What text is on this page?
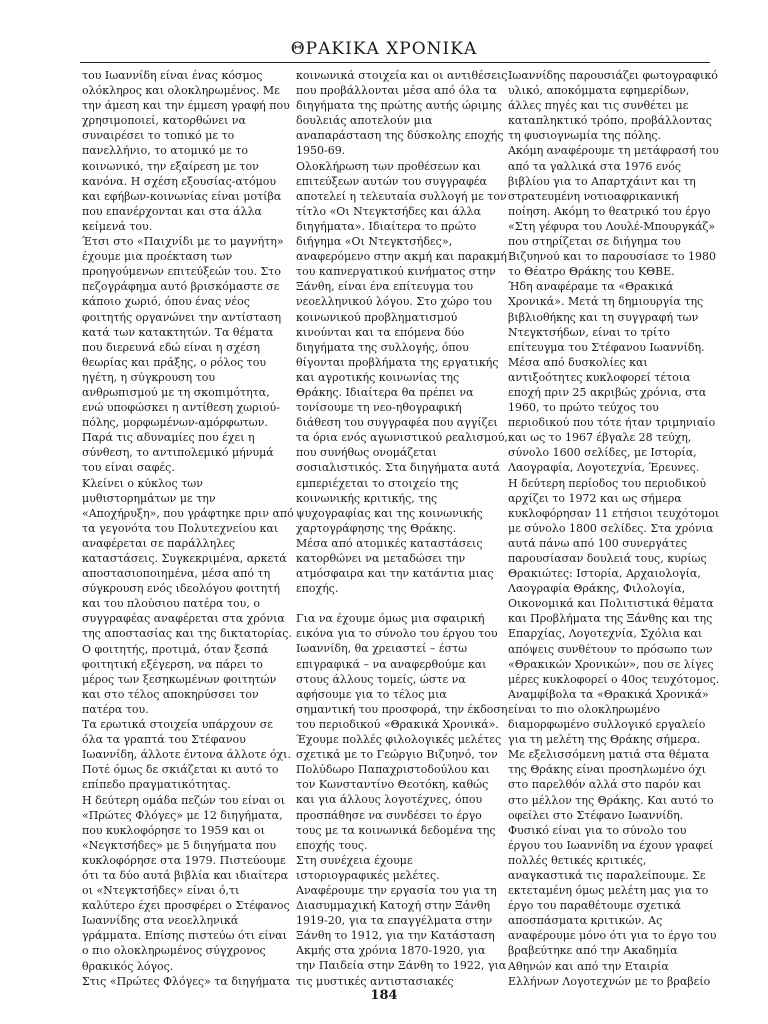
ΘΡΑΚΙΚΑ ΧΡΟΝΙΚΑ

του Ιωαννίδη είναι ένας κόσμος ολόκληρος και ολοκληρωμένος. Με την άμεση και την έμμεση γραφή που χρησιμοποιεί, κατορθώνει να συναιρέσει το τοπικό με το πανελλήνιο, το ατομικό με το κοινωνικό, την εξαίρεση με τον κανόνα. Η σχέση εξουσίας-ατόμου και εφήβων-κοινωνίας είναι μοτίβα που επανέρχονται και στα άλλα κείμενά του.

Έτσι στο «Παιχνίδι με το μαγνήτη» έχουμε μια προέκταση των προηγούμενων επιτεύξεών του. Στο πεζογράφημα αυτό βρισκόμαστε σε κάποιο χωριό, όπου ένας νέος φοιτητής οργανώνει την αντίσταση κατά των κατακτητών. Τα θέματα που διερευνά εδώ είναι η σχέση θεωρίας και πράξης, ο ρόλος του ηγέτη, η σύγκρουση του ανθρωπισμού με τη σκοπιμότητα, ενώ υποφώσκει η αντίθεση χωριού-πόλης, μορφωμένων-αμόρφωτων. Παρά τις αδυναμίες που έχει η σύνθεση, το αντιπολεμικό μήνυμά του είναι σαφές.

Κλείνει ο κύκλος των μυθιστορημάτων με την «Αποχήρυξη», που γράφτηκε πριν από τα γεγονότα του Πολυτεχνείου και αναφέρεται σε παράλληλες καταστάσεις. Συγκεκριμένα, αρκετά αποστασιοποιημένα, μέσα από τη σύγκρουση ενός ιδεολόγου φοιτητή και του πλούσιου πατέρα του, ο συγγραφέας αναφέρεται στα χρόνια της αποστασίας και της δικτατορίας. Ο φοιτητής, προτιμά, όταν ξεσπά φοιτητική εξέγερση, να πάρει το μέρος των ξεσηκωμένων φοιτητών και στο τέλος αποκηρύσσει τον πατέρα του.

Τα ερωτικά στοιχεία υπάρχουν σε όλα τα γραπτά του Στέφανου Ιωαννίδη, άλλοτε έντονα άλλοτε όχι. Ποτέ όμως δε σκιάζεται κι αυτό το επίπεδο πραγματικότητας.

Η δεύτερη ομάδα πεζών του είναι οι «Πρώτες Φλόγες» με 12 διηγήματα, που κυκλοφόρησε το 1959 και οι «Νεγκτσήδες» με 5 διηγήματα που κυκλοφόρησε στα 1979. Πιστεύουμε ότι τα δύο αυτά βιβλία και ιδιαίτερα οι «Ντεγκτσήδες» είναι ό,τι καλύτερο έχει προσφέρει ο Στέφανος Ιωαννίδης στα νεοελληνικά γράμματα. Επίσης πιστεύω ότι είναι ο πιο ολοκληρωμένος σύγχρονος θρακικός λόγος.

Στις «Πρώτες Φλόγες» τα διηγήματα

κοινωνικά στοιχεία και οι αντιθέσεις που προβάλλονται μέσα από όλα τα διηγήματα της πρώτης αυτής ώριμης δουλειάς αποτελούν μια αναπαράσταση της δύσκολης εποχής 1950-69.

Ολοκλήρωση των προθέσεων και επιτεύξεων αυτών του συγγραφέα αποτελεί η τελευταία συλλογή με τον τίτλο «Οι Ντεγκτσήδες και άλλα διηγήματα». Ιδιαίτερα το πρώτο διήγημα «Οι Ντεγκτσήδες», αναφερόμενο στην ακμή και παρακμή του καπνεργατικού κινήματος στην Ξάνθη, είναι ένα επίτευγμα του νεοελληνικού λόγου. Στο χώρο του κοινωνικού προβληματισμού κινούνται και τα επόμενα δύο διηγήματα της συλλογής, όπου θίγονται προβλήματα της εργατικής και αγροτικής κοινωνίας της Θράκης. Ιδιαίτερα θα πρέπει να τονίσουμε τη νεο-ηθογραφική διάθεση του συγγραφέα που αγγίζει τα όρια ενός αγωνιστικού ρεαλισμού, που συνήθως ονομάζεται σοσιαλιστικός. Στα διηγήματα αυτά εμπεριέχεται το στοιχείο της κοινωνικής κριτικής, της ψυχογραφίας και της κοινωνικής χαρτογράφησης της Θράκης.

Μέσα από ατομικές καταστάσεις κατορθώνει να μεταδώσει την ατμόσφαιρα και την κατάντια μιας εποχής.

Για να έχουμε όμως μια σφαιρική εικόνα για το σύνολο του έργου του Ιωαννίδη, θα χρειαστεί – έστω επιγραφικά – να αναφερθούμε και στους άλλους τομείς, ώστε να αφήσουμε για το τέλος μια σημαντική του προσφορά, την έκδοση του περιοδικού «Θρακικά Χρονικά».

Έχουμε πολλές φιλολογικές μελέτες σχετικά με το Γεώργιο Βιζυηνό, τον Πολύδωρο Παπαχριστοδούλου και τον Κωνσταντίνο Θεοτόκη, καθώς και για άλλους λογοτέχνες, όπου προσπάθησε να συνδέσει το έργο τους με τα κοινωνικά δεδομένα της εποχής τους.

Στη συνέχεια έχουμε ιστοριογραφικές μελέτες. Αναφέρουμε την εργασία του για τη Διασυμμαχική Κατοχή στην Ξάνθη 1919-20, για τα επαγγέλματα στην Ξάνθη το 1912, για την Κατάσταση Ακμής στα χρόνια 1870-1920, για την Παιδεία στην Ξάνθη το 1922, για τις μυστικές αντιστασιακές

Ιωαννίδης παρουσιάζει φωτογραφικό υλικό, αποκόμματα εφημερίδων, άλλες πηγές και τις συνθέτει με καταπληκτικό τρόπο, προβάλλοντας τη φυσιογνωμία της πόλης.

Ακόμη αναφέρουμε τη μετάφρασή του από τα γαλλικά στα 1976 ενός βιβλίου για το Απαρτχάιντ και τη στρατευμένη νοτιοαφρικανική ποίηση. Ακόμη το θεατρικό του έργο «Στη γέφυρα του Λουλέ-Μπουργκάζ» που στηρίζεται σε διήγημα του Βιζυηνού και το παρουσίασε το 1980 το Θέατρο Θράκης του ΚΘΒΕ.

Ήδη αναφέραμε τα «Θρακικά Χρονικά». Μετά τη δημιουργία της βιβλιοθήκης και τη συγγραφή των Ντεγκτσήδων, είναι το τρίτο επίτευγμα του Στέφανου Ιωαννίδη. Μέσα από δυσκολίες και αντιξοότητες κυκλοφορεί τέτοια εποχή πριν 25 ακριβώς χρόνια, στα 1960, το πρώτο τεύχος του περιοδικού που τότε ήταν τριμηνιαίο και ως το 1967 έβγαλε 28 τεύχη, σύνολο 1600 σελίδες, με Ιστορία, Λαογραφία, Λογοτεχνία, Έρευνες.

Η δεύτερη περίοδος του περιοδικού αρχίζει το 1972 και ως σήμερα κυκλοφόρησαν 11 ετήσιοι τευχότομοι με σύνολο 1800 σελίδες. Στα χρόνια αυτά πάνω από 100 συνεργάτες παρουσίασαν δουλειά τους, κυρίως Θρακιώτες: Ιστορία, Αρχαιολογία, Λαογραφία Θράκης, Φιλολογία, Οικονομικά και Πολιτιστικά θέματα και Προβλήματα της Ξάνθης και της Επαρχίας, Λογοτεχνία, Σχόλια και απόψεις συνθέτουν το πρόσωπο των «Θρακικών Χρονικών», που σε λίγες μέρες κυκλοφορεί ο 40ος τευχότομος. Αναμφίβολα τα «Θρακικά Χρονικά» είναι το πιο ολοκληρωμένο διαμορφωμένο συλλογικό εργαλείο για τη μελέτη της Θράκης σήμερα. Με εξελισσόμενη ματιά στα θέματα της Θράκης είναι προσηλωμένο όχι στο παρελθόν αλλά στο παρόν και στο μέλλον της Θράκης. Και αυτό το οφείλει στο Στέφανο Ιωαννίδη.

Φυσικό είναι για το σύνολο του έργου του Ιωαννίδη να έχουν γραφεί πολλές θετικές κριτικές, αναγκαστικά τις παραλείπουμε. Σε εκτεταμένη όμως μελέτη μας για το έργο του παραθέτουμε σχετικά αποσπάσματα κριτικών. Ας αναφέρουμε μόνο ότι για το έργο του βραβεύτηκε από την Ακαδημία Αθηνών και από την Εταιρία Ελλήνων Λογοτεχνών με το βραβείο

184
